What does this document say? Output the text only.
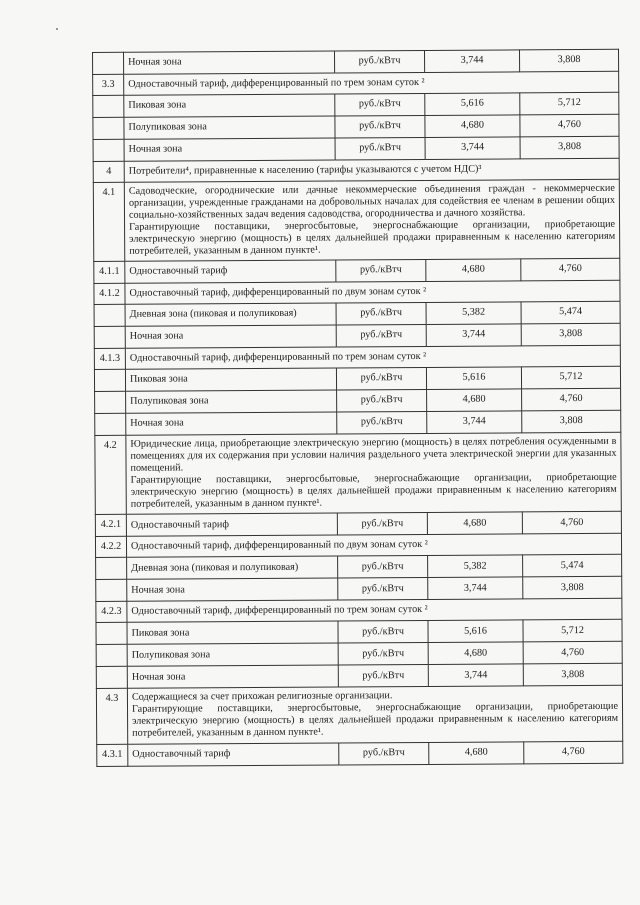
	Ночная зона	руб./кВтч	3,744	3,808
3.3	Одноставочный тариф, дифференцированный по трем зонам суток ²			
	Пиковая зона	руб./кВтч	5,616	5,712
	Полупиковая зона	руб./кВтч	4,680	4,760
	Ночная зона	руб./кВтч	3,744	3,808
4	Потребители⁴, приравненные к населению (тарифы указываются с учетом НДС)³			
4.1	Садоводческие, огороднические или дачные некоммерческие объединения граждан - некоммерческие организации, учрежденные гражданами на добровольных началах для содействия ее членам в решении общих социально-хозяйственных задач ведения садоводства, огородничества и дачного хозяйства.
Гарантирующие поставщики, энергосбытовые, энергоснабжающие организации, приобретающие электрическую энергию (мощность) в целях дальнейшей продажи приравненным к населению категориям потребителей, указанным в данном пункте¹.			
4.1.1	Одноставочный тариф	руб./кВтч	4,680	4,760
4.1.2	Одноставочный тариф, дифференцированный по двум зонам суток ²			
	Дневная зона (пиковая и полупиковая)	руб./кВтч	5,382	5,474
	Ночная зона	руб./кВтч	3,744	3,808
4.1.3	Одноставочный тариф, дифференцированный по трем зонам суток ²			
	Пиковая зона	руб./кВтч	5,616	5,712
	Полупиковая зона	руб./кВтч	4,680	4,760
	Ночная зона	руб./кВтч	3,744	3,808
4.2	Юридические лица, приобретающие электрическую энергию (мощность) в целях потребления осужденными в помещениях для их содержания при условии наличия раздельного учета электрической энергии для указанных помещений.
Гарантирующие поставщики, энергосбытовые, энергоснабжающие организации, приобретающие электрическую энергию (мощность) в целях дальнейшей продажи приравненным к населению категориям потребителей, указанным в данном пункте¹.			
4.2.1	Одноставочный тариф	руб./кВтч	4,680	4,760
4.2.2	Одноставочный тариф, дифференцированный по двум зонам суток ²			
	Дневная зона (пиковая и полупиковая)	руб./кВтч	5,382	5,474
	Ночная зона	руб./кВтч	3,744	3,808
4.2.3	Одноставочный тариф, дифференцированный по трем зонам суток ²			
	Пиковая зона	руб./кВтч	5,616	5,712
	Полупиковая зона	руб./кВтч	4,680	4,760
	Ночная зона	руб./кВтч	3,744	3,808
4.3	Содержащиеся за счет прихожан религиозные организации.
Гарантирующие поставщики, энергосбытовые, энергоснабжающие организации, приобретающие электрическую энергию (мощность) в целях дальнейшей продажи приравненным к населению категориям потребителей, указанным в данном пункте¹.			
4.3.1	Одноставочный тариф	руб./кВтч	4,680	4,760
